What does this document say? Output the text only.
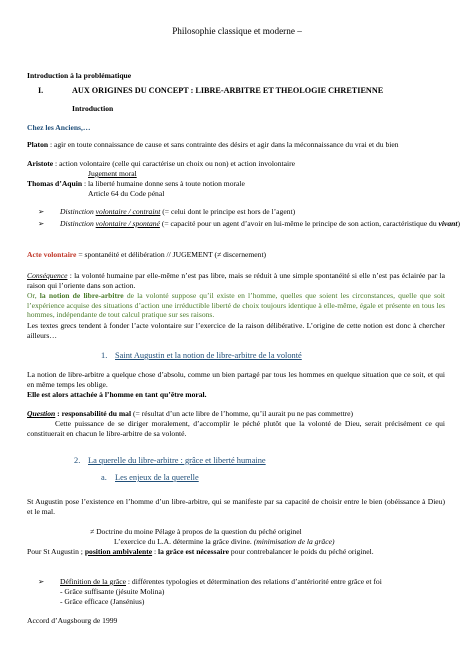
Philosophie classique et moderne –
Introduction à la problématique
I.	AUX ORIGINES DU CONCEPT : LIBRE-ARBITRE ET THEOLOGIE CHRETIENNE
Introduction
Chez les Anciens,…
Platon : agir en toute connaissance de cause et sans contrainte des désirs et agir dans la méconnaissance du vrai et du bien
Aristote : action volontaire (celle qui caractérise un choix ou non) et action involontaire
Jugement moral
Thomas d’Aquin : la liberté humaine donne sens à toute notion morale
Article 64 du Code pénal
➢ Distinction volontaire / contraint (= celui dont le principe est hors de l’agent)
➢ Distinction volontaire / spontané (= capacité pour un agent d’avoir en lui-même le principe de son action, caractéristique du vivant)
Acte volontaire = spontanéité et délibération // JUGEMENT (≠ discernement)
Conséquence : la volonté humaine par elle-même n’est pas libre, mais se réduit à une simple spontanéité si elle n’est pas éclairée par la raison qui l’oriente dans son action.
Or, la notion de libre-arbitre de la volonté suppose qu’il existe en l’homme, quelles que soient les circonstances, quelle que soit l’expérience acquise des situations d’action une irréductible liberté de choix toujours identique à elle-même, égale et présente en tous les hommes, indépendante de tout calcul pratique sur ses raisons.
Les textes grecs tendent à fonder l’acte volontaire sur l’exercice de la raison délibérative. L’origine de cette notion est donc à chercher ailleurs…
1. Saint Augustin et la notion de libre-arbitre de la volonté
La notion de libre-arbitre a quelque chose d’absolu, comme un bien partagé par tous les hommes en quelque situation que ce soit, et qui en même temps les oblige.
Elle est alors attachée à l’homme en tant qu’être moral.
Question : responsabilité du mal (= résultat d’un acte libre de l’homme, qu’il aurait pu ne pas commettre)
Cette puissance de se diriger moralement, d’accomplir le péché plutôt que la volonté de Dieu, serait précisément ce qui constituerait en chacun le libre-arbitre de sa volonté.
2. La querelle du libre-arbitre : grâce et liberté humaine
a. Les enjeux de la querelle
St Augustin pose l’existence en l’homme d’un libre-arbitre, qui se manifeste par sa capacité de choisir entre le bien (obéissance à Dieu) et le mal.
≠ Doctrine du moine Pélage à propos de la question du péché originel
L’exercice du L.A. détermine la grâce divine. (minimisation de la grâce)
Pour St Augustin ; position ambivalente : la grâce est nécessaire pour contrebalancer le poids du péché originel.
➢ Définition de la grâce : différentes typologies et détermination des relations d’antériorité entre grâce et foi
- Grâce suffisante (jésuite Molina)
- Grâce efficace (Jansénius)
Accord d’Augsbourg de 1999
